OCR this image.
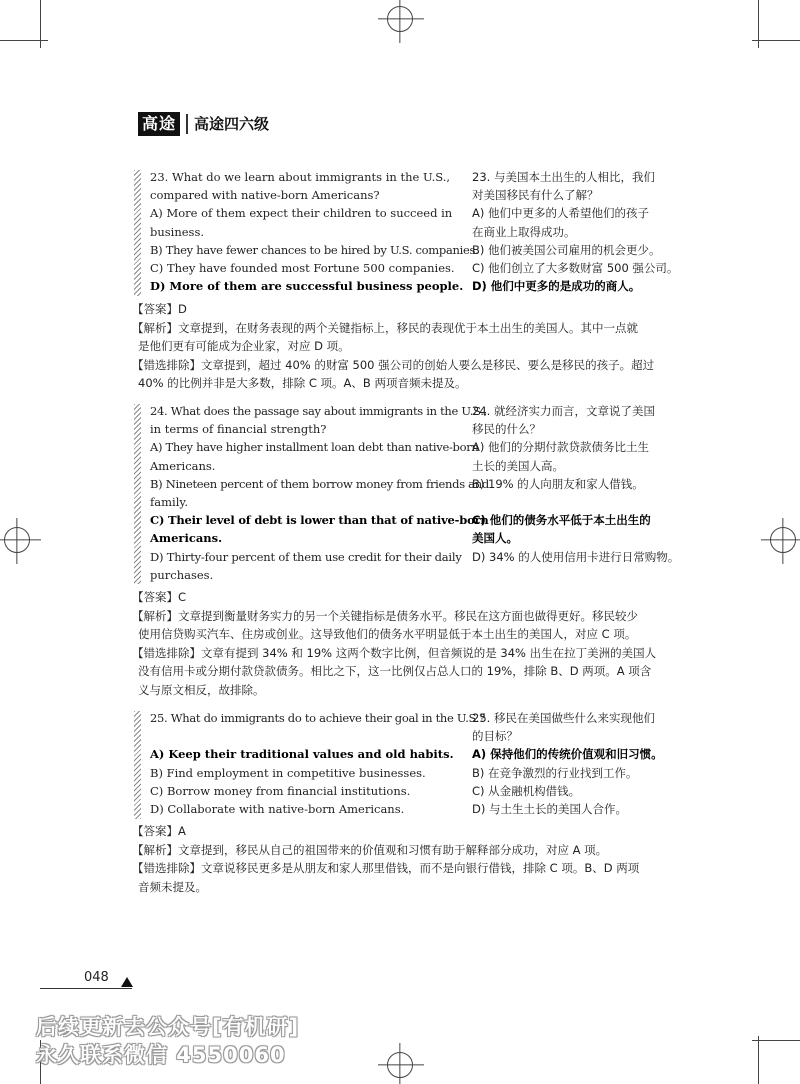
高途 高途四六级
23. What do we learn about immigrants in the U.S.,
compared with native-born Americans?
A) More of them expect their children to succeed in
business.
B) They have fewer chances to be hired by U.S. companies.
C) They have founded most Fortune 500 companies.
D) More of them are successful business people.
23. 与美国本土出生的人相比，我们
对美国移民有什么了解？
A) 他们中更多的人希望他们的孩子
在商业上取得成功。
B) 他们被美国公司雇用的机会更少。
C) 他们创立了大多数财富 500 强公司。
D) 他们中更多的是成功的商人。
【答案】D
【解析】文章提到，在财务表现的两个关键指标上，移民的表现优于本土出生的美国人。其中一点就
是他们更有可能成为企业家，对应 D 项。
【错选排除】文章提到，超过 40% 的财富 500 强公司的创始人要么是移民、要么是移民的孩子。超过
40% 的比例并非是大多数，排除 C 项。A、B 两项音频未提及。
24. What does the passage say about immigrants in the U.S.,
in terms of financial strength?
A) They have higher installment loan debt than native-born
Americans.
B) Nineteen percent of them borrow money from friends and
family.
C) Their level of debt is lower than that of native-born
Americans.
D) Thirty-four percent of them use credit for their daily
purchases.
24. 就经济实力而言，文章说了美国
移民的什么？
A) 他们的分期付款贷款债务比土生
土长的美国人高。
B) 19% 的人向朋友和家人借钱。
C) 他们的债务水平低于本土出生的
美国人。
D) 34% 的人使用信用卡进行日常购物。
【答案】C
【解析】文章提到衡量财务实力的另一个关键指标是债务水平。移民在这方面也做得更好。移民较少
使用信贷购买汽车、住房或创业。这导致他们的债务水平明显低于本土出生的美国人，对应 C 项。
【错选排除】文章有提到 34% 和 19% 这两个数字比例，但音频说的是 34% 出生在拉丁美洲的美国人
没有信用卡或分期付款贷款债务。相比之下，这一比例仅占总人口的 19%，排除 B、D 两项。A 项含
义与原文相反，故排除。
25. What do immigrants do to achieve their goal in the U.S.?
A) Keep their traditional values and old habits.
B) Find employment in competitive businesses.
C) Borrow money from financial institutions.
D) Collaborate with native-born Americans.
25. 移民在美国做些什么来实现他们
的目标？
A) 保持他们的传统价值观和旧习惯。
B) 在竞争激烈的行业找到工作。
C) 从金融机构借钱。
D) 与土生土长的美国人合作。
【答案】A
【解析】文章提到，移民从自己的祖国带来的价值观和习惯有助于解释部分成功，对应 A 项。
【错选排除】文章说移民更多是从朋友和家人那里借钱，而不是向银行借钱，排除 C 项。B、D 两项
音频未提及。
048
后续更新去公众号[有机研]
永久联系微信 4550060
